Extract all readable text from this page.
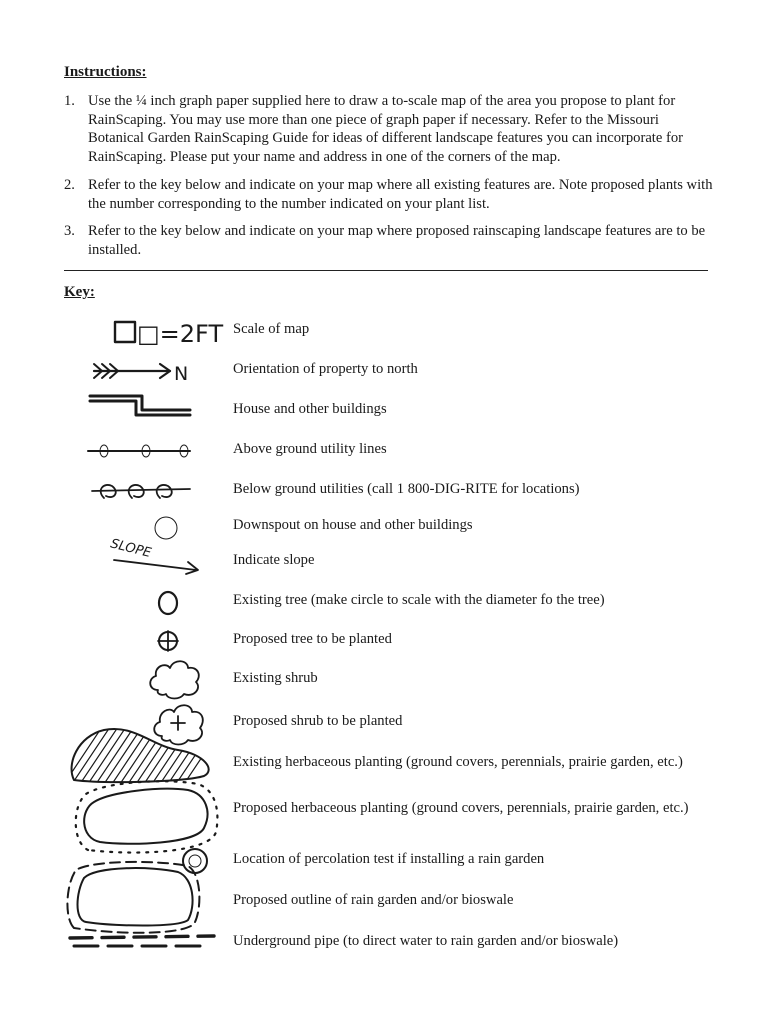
Instructions:
1. Use the ¼ inch graph paper supplied here to draw a to-scale map of the area you propose to plant for RainScaping. You may use more than one piece of graph paper if necessary. Refer to the Missouri Botanical Garden RainScaping Guide for ideas of different landscape features you can incorporate for RainScaping. Please put your name and address in one of the corners of the map.
2. Refer to the key below and indicate on your map where all existing features are. Note proposed plants with the number corresponding to the number indicated on your plant list.
3. Refer to the key below and indicate on your map where proposed rainscaping landscape features are to be installed.
Key:
□=2FT
N
SLOPE
Scale of map
Orientation of property to north
House and other buildings
Above ground utility lines
Below ground utilities (call 1 800-DIG-RITE for locations)
Downspout on house and other buildings
Indicate slope
Existing tree (make circle to scale with the diameter fo the tree)
Proposed tree to be planted
Existing shrub
Proposed shrub to be planted
Existing herbaceous planting (ground covers, perennials, prairie garden, etc.)
Proposed herbaceous planting (ground covers, perennials, prairie garden, etc.)
Location of percolation test if installing a rain garden
Proposed outline of rain garden and/or bioswale
Underground pipe (to direct water to rain garden and/or bioswale)
